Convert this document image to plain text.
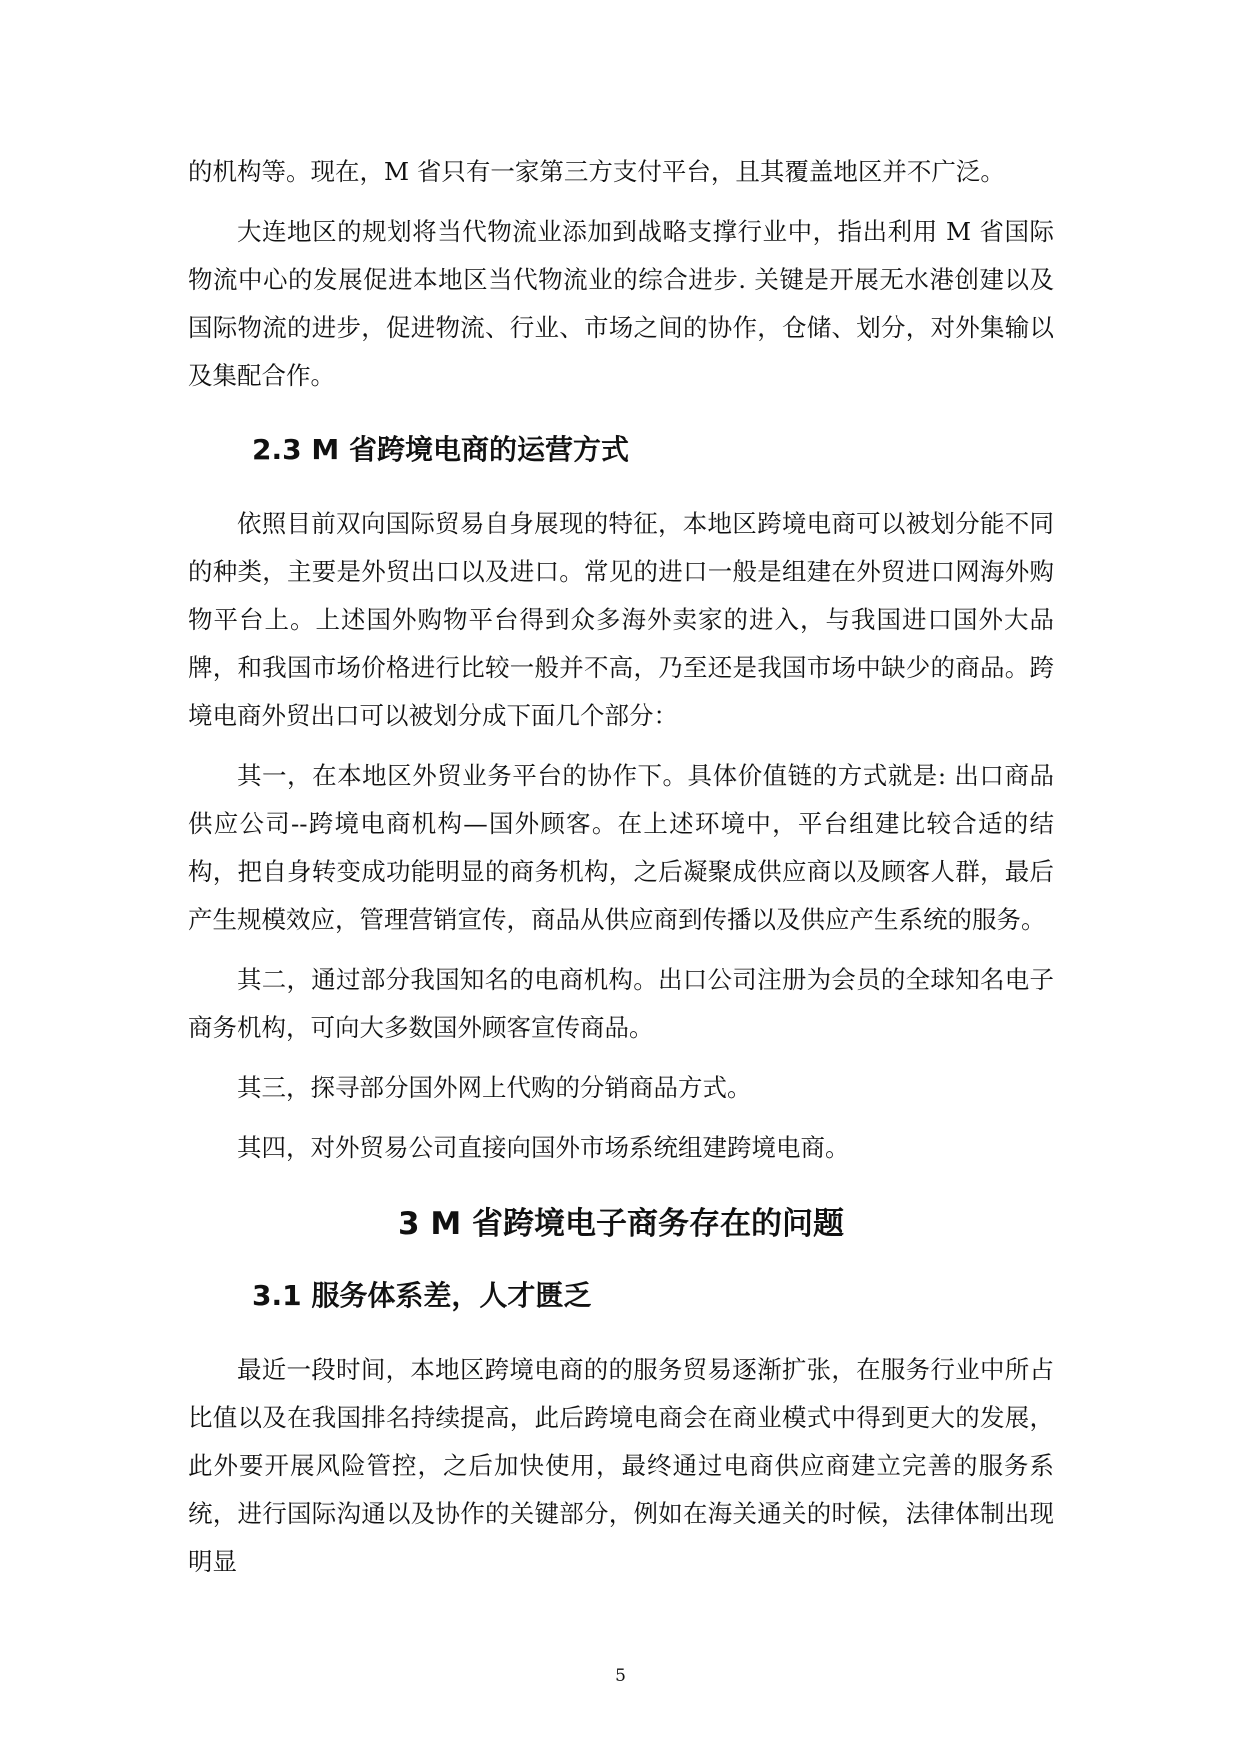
的机构等。现在，M 省只有一家第三方支付平台，且其覆盖地区并不广泛。

大连地区的规划将当代物流业添加到战略支撑行业中，指出利用 M 省国际物流中心的发展促进本地区当代物流业的综合进步. 关键是开展无水港创建以及国际物流的进步，促进物流、行业、市场之间的协作，仓储、划分，对外集输以及集配合作。

2.3 M 省跨境电商的运营方式

依照目前双向国际贸易自身展现的特征，本地区跨境电商可以被划分能不同的种类，主要是外贸出口以及进口。常见的进口一般是组建在外贸进口网海外购物平台上。上述国外购物平台得到众多海外卖家的进入，与我国进口国外大品牌，和我国市场价格进行比较一般并不高，乃至还是我国市场中缺少的商品。跨境电商外贸出口可以被划分成下面几个部分：

其一，在本地区外贸业务平台的协作下。具体价值链的方式就是: 出口商品供应公司--跨境电商机构—国外顾客。在上述环境中，平台组建比较合适的结构，把自身转变成功能明显的商务机构，之后凝聚成供应商以及顾客人群，最后产生规模效应，管理营销宣传，商品从供应商到传播以及供应产生系统的服务。

其二，通过部分我国知名的电商机构。出口公司注册为会员的全球知名电子商务机构，可向大多数国外顾客宣传商品。

其三，探寻部分国外网上代购的分销商品方式。

其四，对外贸易公司直接向国外市场系统组建跨境电商。

3 M 省跨境电子商务存在的问题
3.1 服务体系差，人才匮乏

最近一段时间，本地区跨境电商的的服务贸易逐渐扩张，在服务行业中所占比值以及在我国排名持续提高，此后跨境电商会在商业模式中得到更大的发展，此外要开展风险管控，之后加快使用，最终通过电商供应商建立完善的服务系统，进行国际沟通以及协作的关键部分，例如在海关通关的时候，法律体制出现明显

5
